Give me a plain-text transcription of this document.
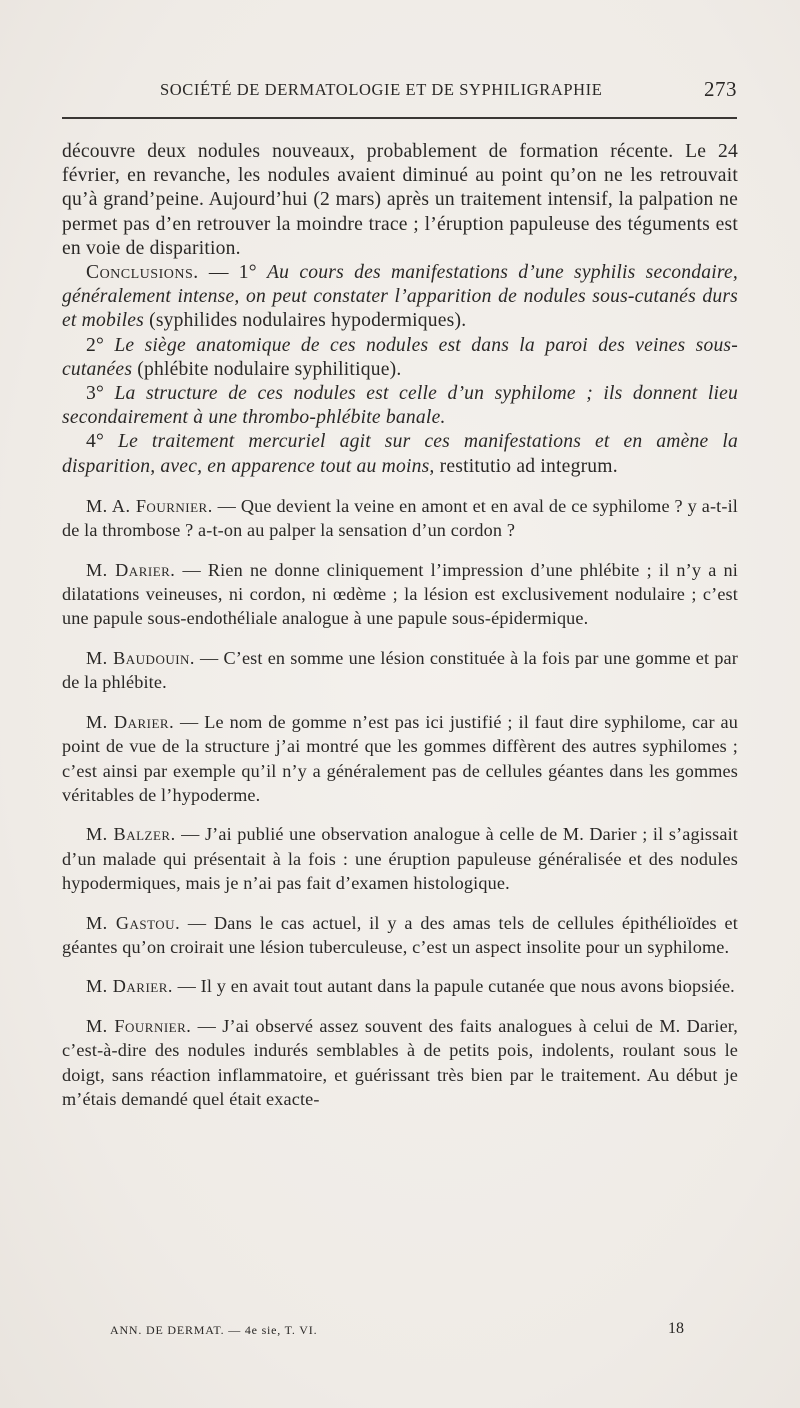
SOCIÉTÉ DE DERMATOLOGIE ET DE SYPHILIGRAPHIE	273

découvre deux nodules nouveaux, probablement de formation récente. Le 24 février, en revanche, les nodules avaient diminué au point qu’on ne les retrouvait qu’à grand’peine. Aujourd’hui (2 mars) après un traitement intensif, la palpation ne permet pas d’en retrouver la moindre trace ; l’éruption papuleuse des téguments est en voie de disparition.

Conclusions. — 1° Au cours des manifestations d’une syphilis secondaire, généralement intense, on peut constater l’apparition de nodules sous-cutanés durs et mobiles (syphilides nodulaires hypodermiques).

2° Le siège anatomique de ces nodules est dans la paroi des veines sous-cutanées (phlébite nodulaire syphilitique).

3° La structure de ces nodules est celle d’un syphilome ; ils donnent lieu secondairement à une thrombo-phlébite banale.

4° Le traitement mercuriel agit sur ces manifestations et en amène la disparition, avec, en apparence tout au moins, restitutio ad integrum.

M. A. Fournier. — Que devient la veine en amont et en aval de ce syphilome ? y a-t-il de la thrombose ? a-t-on au palper la sensation d’un cordon ?

M. Darier. — Rien ne donne cliniquement l’impression d’une phlébite ; il n’y a ni dilatations veineuses, ni cordon, ni œdème ; la lésion est exclusivement nodulaire ; c’est une papule sous-endothéliale analogue à une papule sous-épidermique.

M. Baudouin. — C’est en somme une lésion constituée à la fois par une gomme et par de la phlébite.

M. Darier. — Le nom de gomme n’est pas ici justifié ; il faut dire syphilome, car au point de vue de la structure j’ai montré que les gommes diffèrent des autres syphilomes ; c’est ainsi par exemple qu’il n’y a généralement pas de cellules géantes dans les gommes véritables de l’hypoderme.

M. Balzer. — J’ai publié une observation analogue à celle de M. Darier ; il s’agissait d’un malade qui présentait à la fois : une éruption papuleuse généralisée et des nodules hypodermiques, mais je n’ai pas fait d’examen histologique.

M. Gastou. — Dans le cas actuel, il y a des amas tels de cellules épithélioïdes et géantes qu’on croirait une lésion tuberculeuse, c’est un aspect insolite pour un syphilome.

M. Darier. — Il y en avait tout autant dans la papule cutanée que nous avons biopsiée.

M. Fournier. — J’ai observé assez souvent des faits analogues à celui de M. Darier, c’est-à-dire des nodules indurés semblables à de petits pois, indolents, roulant sous le doigt, sans réaction inflammatoire, et guérissant très bien par le traitement. Au début je m’étais demandé quel était exacte-

ANN. DE DERMAT. — 4e sie, T. VI.	18
